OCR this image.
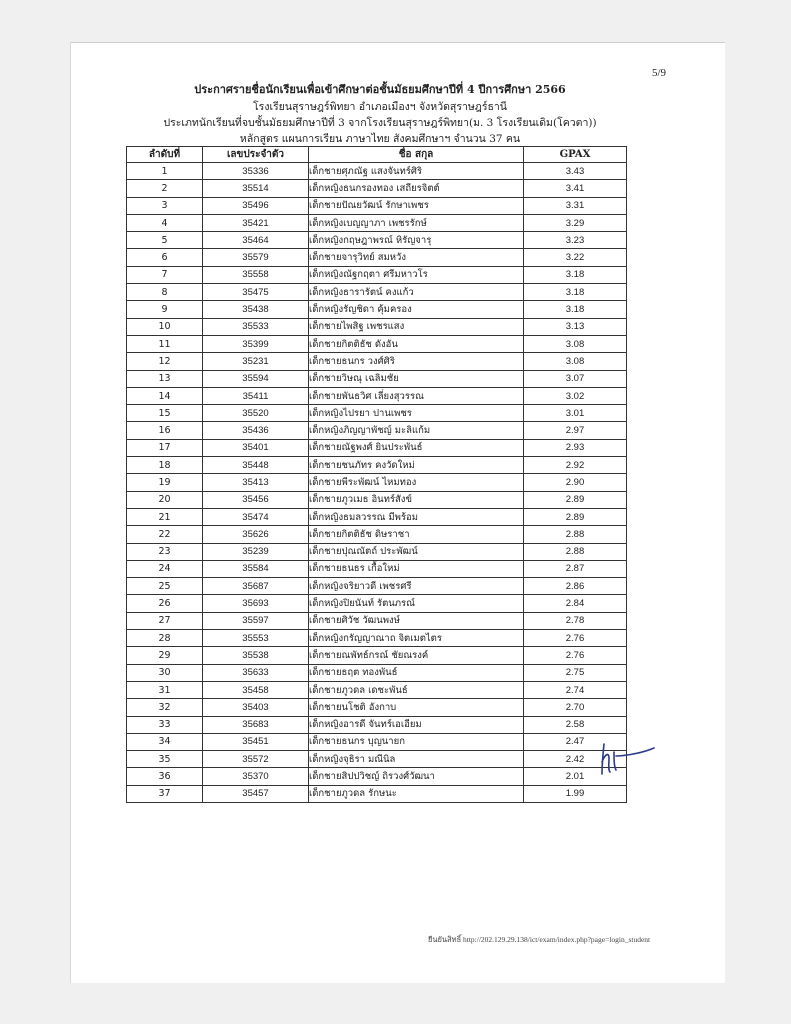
5/9
ประกาศรายชื่อนักเรียนเพื่อเข้าศึกษาต่อชั้นมัธยมศึกษาปีที่ 4 ปีการศึกษา 2566
โรงเรียนสุราษฎร์พิทยา อำเภอเมืองฯ จังหวัดสุราษฎร์ธานี
ประเภทนักเรียนที่จบชั้นมัธยมศึกษาปีที่ 3 จากโรงเรียนสุราษฎร์พิทยา(ม. 3 โรงเรียนเดิม(โควตา))
หลักสูตร แผนการเรียน ภาษาไทย สังคมศึกษาฯ จำนวน 37 คน
ลำดับที่	เลขประจำตัว	ชื่อ สกุล	GPAX
1	35336	เด็กชายศุภณัฐ แสงจันทร์ศิริ	3.43
2	35514	เด็กหญิงธนกรองทอง เสถียรจิตต์	3.41
3	35496	เด็กชายปัณยวัฒน์ รักษาเพชร	3.31
4	35421	เด็กหญิงเบญญาภา เพชรรักษ์	3.29
5	35464	เด็กหญิงกฤษฎาพรณ์ หิรัญจารุ	3.23
6	35579	เด็กชายจารุวิทย์ สมหวัง	3.22
7	35558	เด็กหญิงณัฐกฤตา ศรีมหาวโร	3.18
8	35475	เด็กหญิงธารารัตน์ คงแก้ว	3.18
9	35438	เด็กหญิงรัญชิดา คุ้มครอง	3.18
10	35533	เด็กชายไพสิฐ เพชรแสง	3.13
11	35399	เด็กชายกิตติธัช ดังอัน	3.08
12	35231	เด็กชายธนกร วงศ์ศิริ	3.08
13	35594	เด็กชายวิษณุ เฉลิมชัย	3.07
14	35411	เด็กชายพันธวิศ เลี่ยงสุวรรณ	3.02
15	35520	เด็กหญิงไปรยา ปานเพชร	3.01
16	35436	เด็กหญิงภิญญาพัชญ์ มะลิแก้ม	2.97
17	35401	เด็กชายณัฐพงศ์ ยินประพันธ์	2.93
18	35448	เด็กชายชนภัทร คงวัดใหม่	2.92
19	35413	เด็กชายพีระพัฒน์ ไหมทอง	2.90
20	35456	เด็กชายภูวเมธ อินทร์สังข์	2.89
21	35474	เด็กหญิงธมลวรรณ มีพร้อม	2.89
22	35626	เด็กชายกิตติธัช ดิษราชา	2.88
23	35239	เด็กชายปุณณัตถ์ ประพัฒน์	2.88
24	35584	เด็กชายธนธร เกื้อใหม่	2.87
25	35687	เด็กหญิงจริยาวดี เพชรศรี	2.86
26	35693	เด็กหญิงปิยนันท์ รัตนภรณ์	2.84
27	35597	เด็กชายศิวัช วัฒนพงษ์	2.78
28	35553	เด็กหญิงกรัญญาณาถ จิตเมตไตร	2.76
29	35538	เด็กชายณพัทธ์กรณ์ ชัยณรงค์	2.76
30	35633	เด็กชายธฤต ทองพันธ์	2.75
31	35458	เด็กชายภูวดล เดชะพันธ์	2.74
32	35403	เด็กชายนโชติ อังกาบ	2.70
33	35683	เด็กหญิงอารดี จันทร์เอเอียม	2.58
34	35451	เด็กชายธนกร บุญนายก	2.47
35	35572	เด็กหญิงจุธิรา มณีนิล	2.42
36	35370	เด็กชายสิปปวิชญ์ ถิรวงศ์วัฒนา	2.01
37	35457	เด็กชายภูวดล รักษนะ	1.99
ยืนยันสิทธิ์ http://202.129.29.138/ict/exam/index.php?page=login_student
